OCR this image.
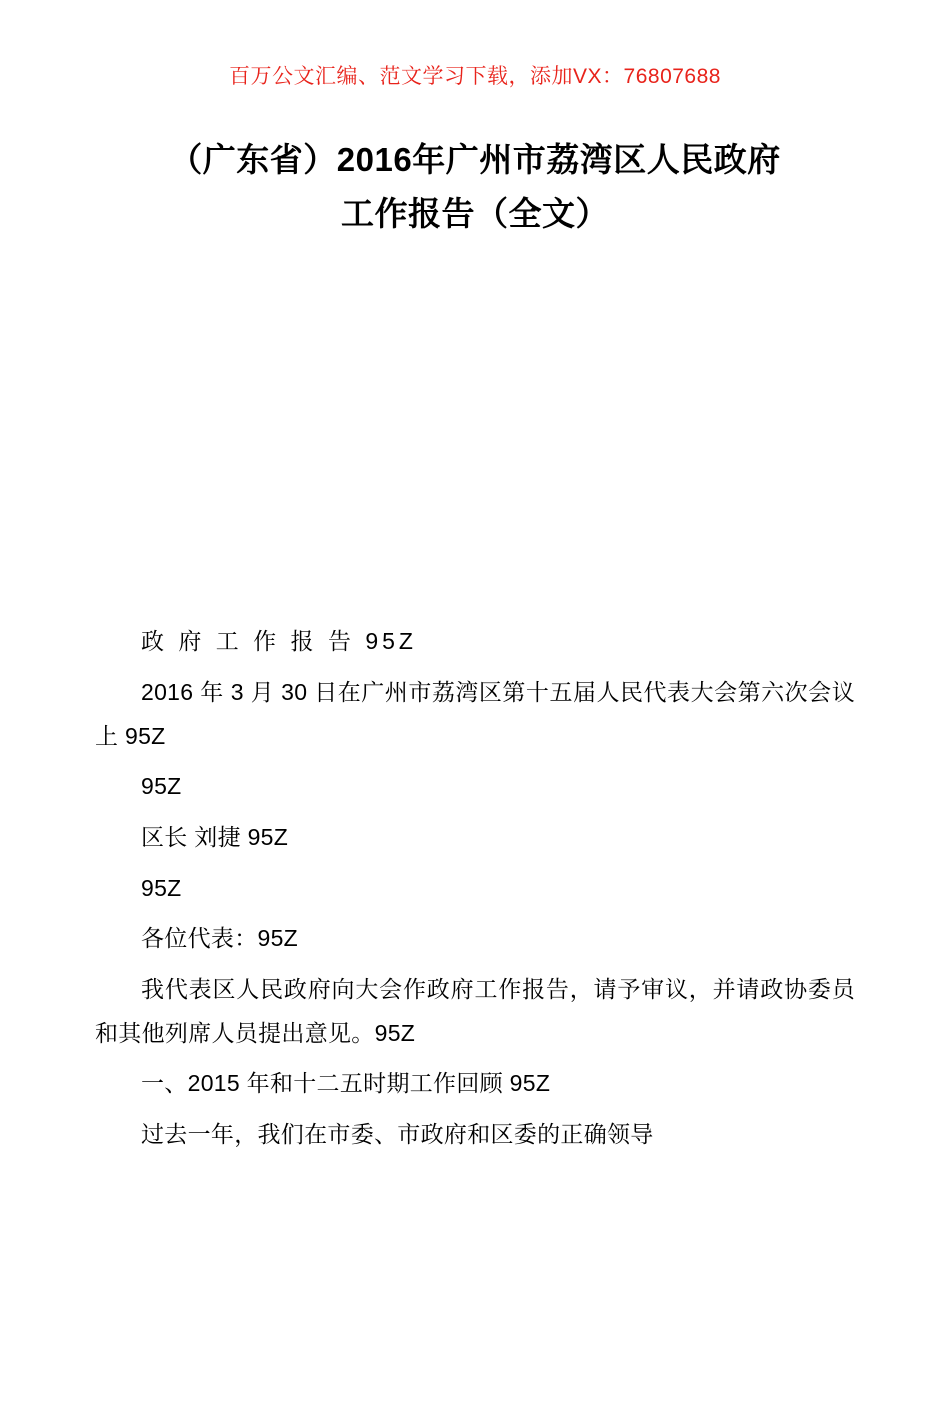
百万公文汇编、范文学习下载，添加VX：76807688
（广东省）2016年广州市荔湾区人民政府
工作报告（全文）

政 府 工 作 报 告 95Z

2016 年 3 月 30 日在广州市荔湾区第十五届人民代表大会第六次会议上 95Z

95Z

区长 刘捷 95Z

95Z

各位代表：95Z

我代表区人民政府向大会作政府工作报告，请予审议，并请政协委员和其他列席人员提出意见。95Z

一、2015 年和十二五时期工作回顾 95Z

过去一年，我们在市委、市政府和区委的正确领导
